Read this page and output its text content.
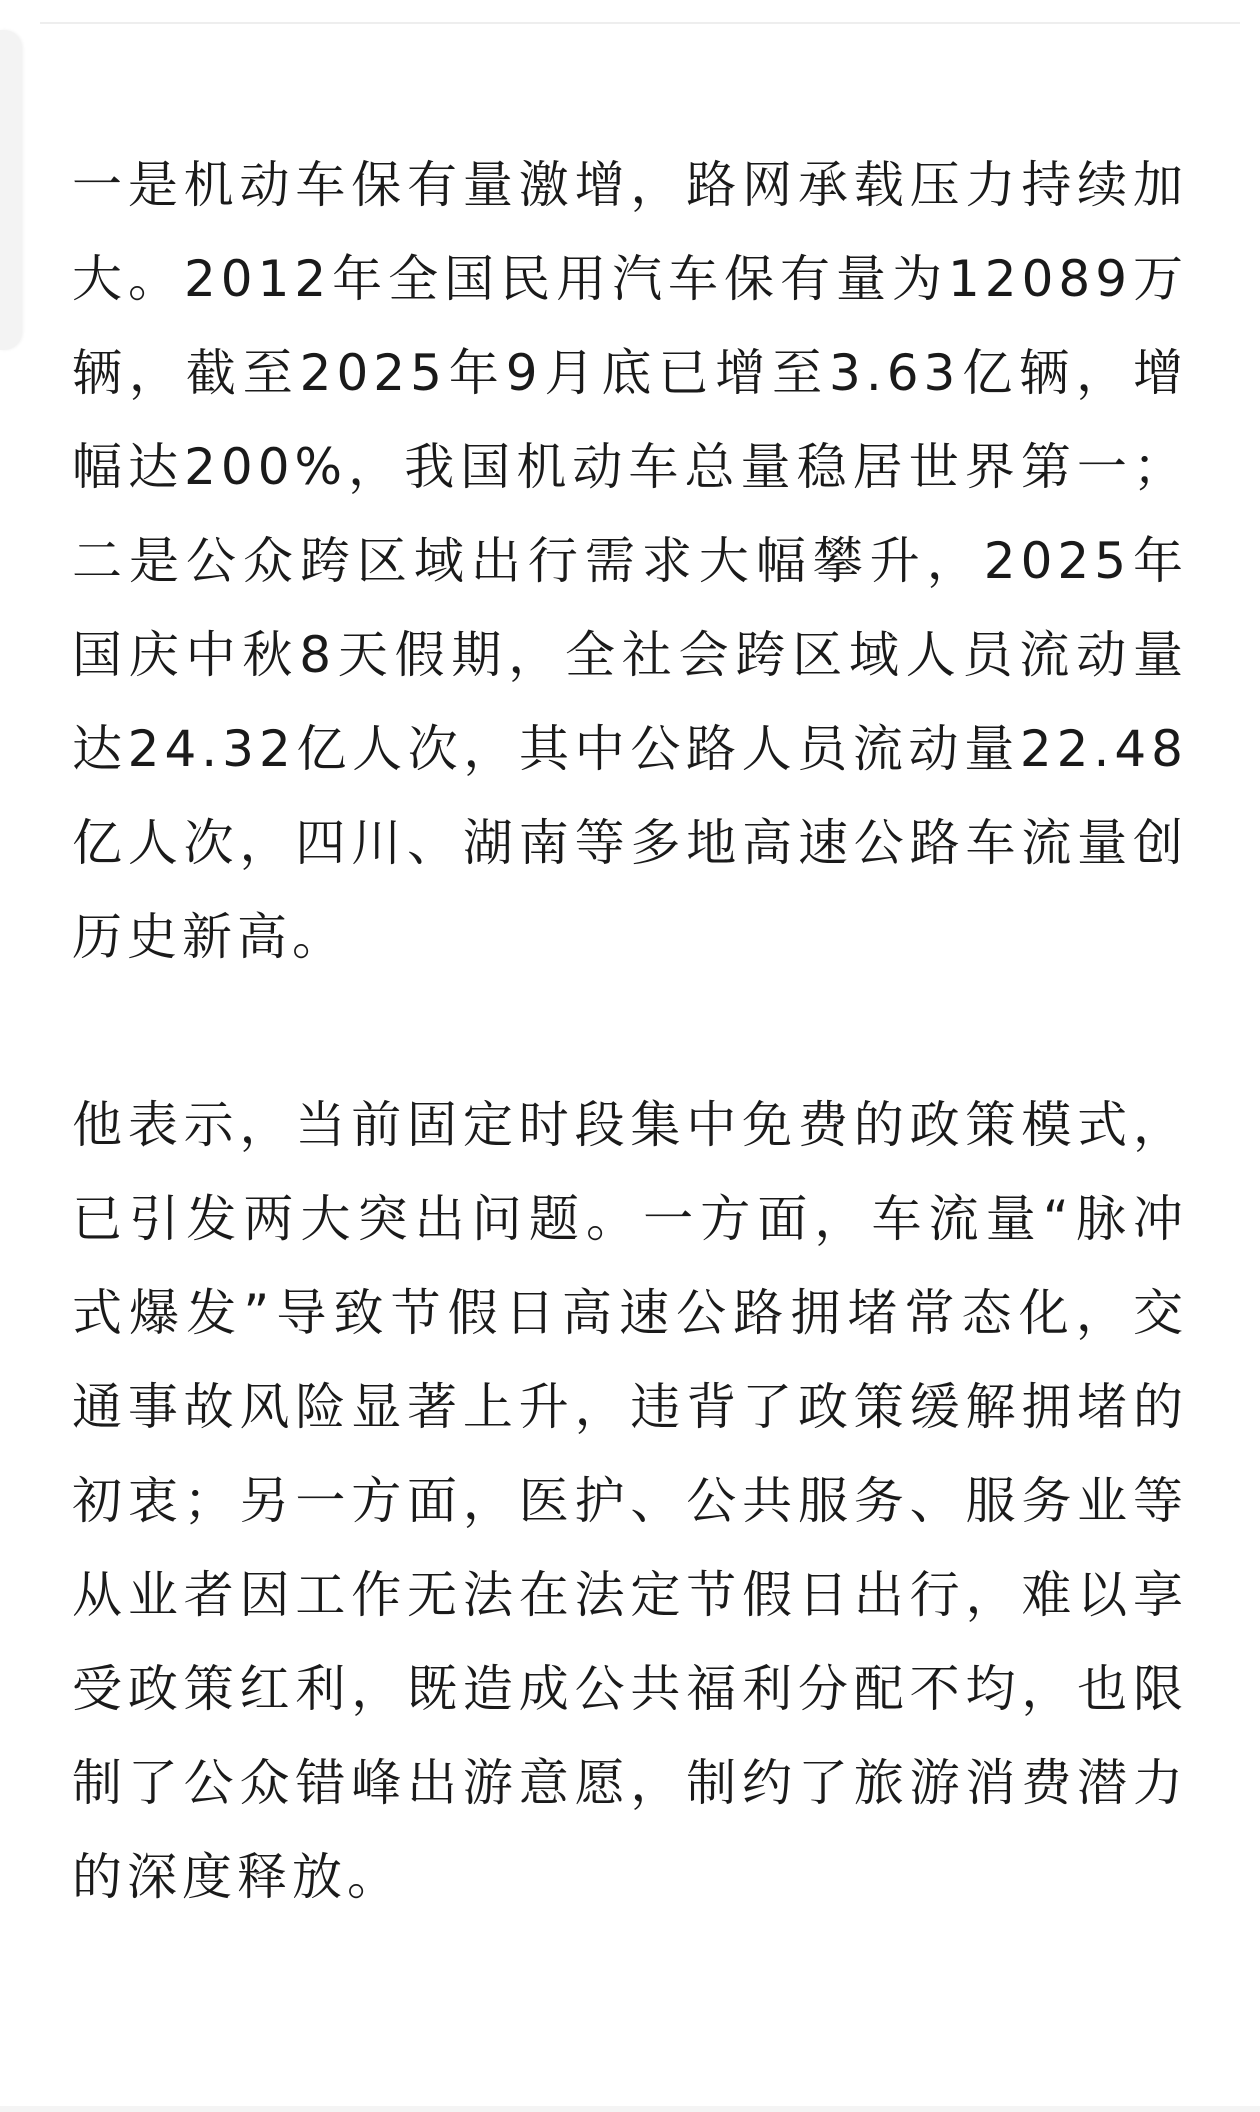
一是机动车保有量激增，路网承载压力持续加大。2012年全国民用汽车保有量为12089万辆，截至2025年9月底已增至3.63亿辆，增幅达200%，我国机动车总量稳居世界第一；二是公众跨区域出行需求大幅攀升，2025年国庆中秋8天假期，全社会跨区域人员流动量达24.32亿人次，其中公路人员流动量22.48亿人次，四川、湖南等多地高速公路车流量创历史新高。

他表示，当前固定时段集中免费的政策模式，已引发两大突出问题。一方面，车流量“脉冲式爆发”导致节假日高速公路拥堵常态化，交通事故风险显著上升，违背了政策缓解拥堵的初衷；另一方面，医护、公共服务、服务业等从业者因工作无法在法定节假日出行，难以享受政策红利，既造成公共福利分配不均，也限制了公众错峰出游意愿，制约了旅游消费潜力的深度释放。
